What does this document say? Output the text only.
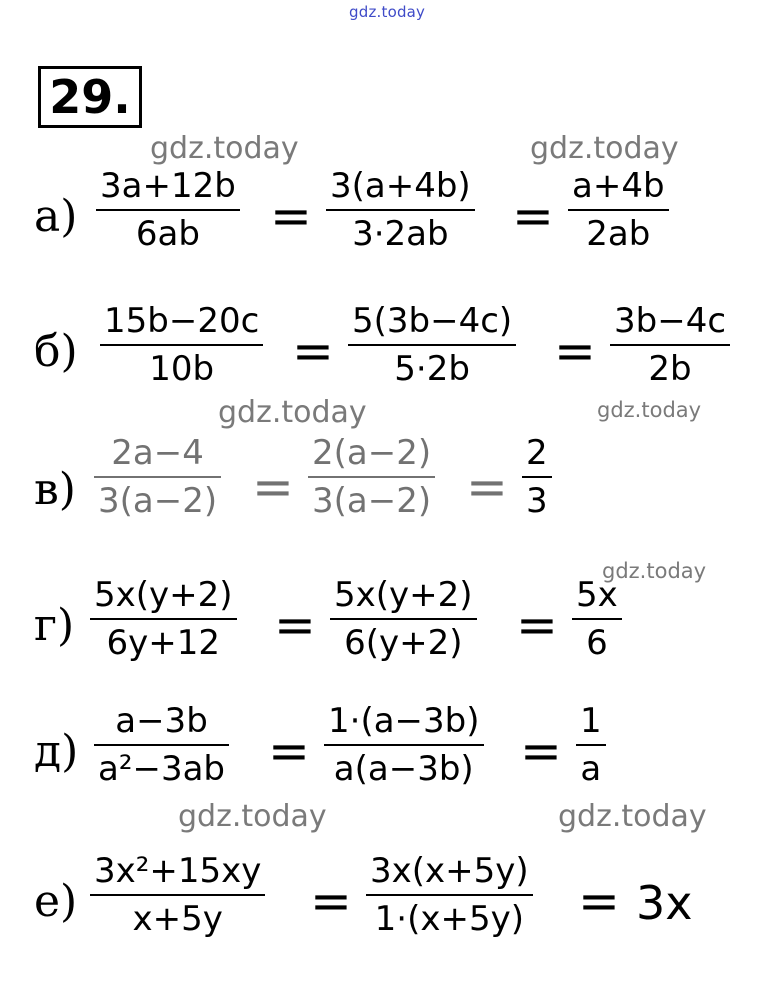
gdz.today
29.
gdz.today	gdz.today
gdz.today	gdz.today
gdz.today
gdz.today	gdz.today
а)
3a+12b
6ab =
3(a+4b)
3·2ab =
a+4b
2ab
б)
15b−20c
10b =
5(3b−4c)
5·2b =
3b−4c
2b
в)
2a−4
3(a−2) =
2(a−2)
3(a−2) =
2
3
г)
5x(y+2)
6y+12 =
5x(y+2)
6(y+2) =
5x
6
д)
a−3b
a²−3ab =
1·(a−3b)
a(a−3b) =
1
a
е)
3x²+15xy
x+5y =
3x(x+5y)
1·(x+5y) = 3x
